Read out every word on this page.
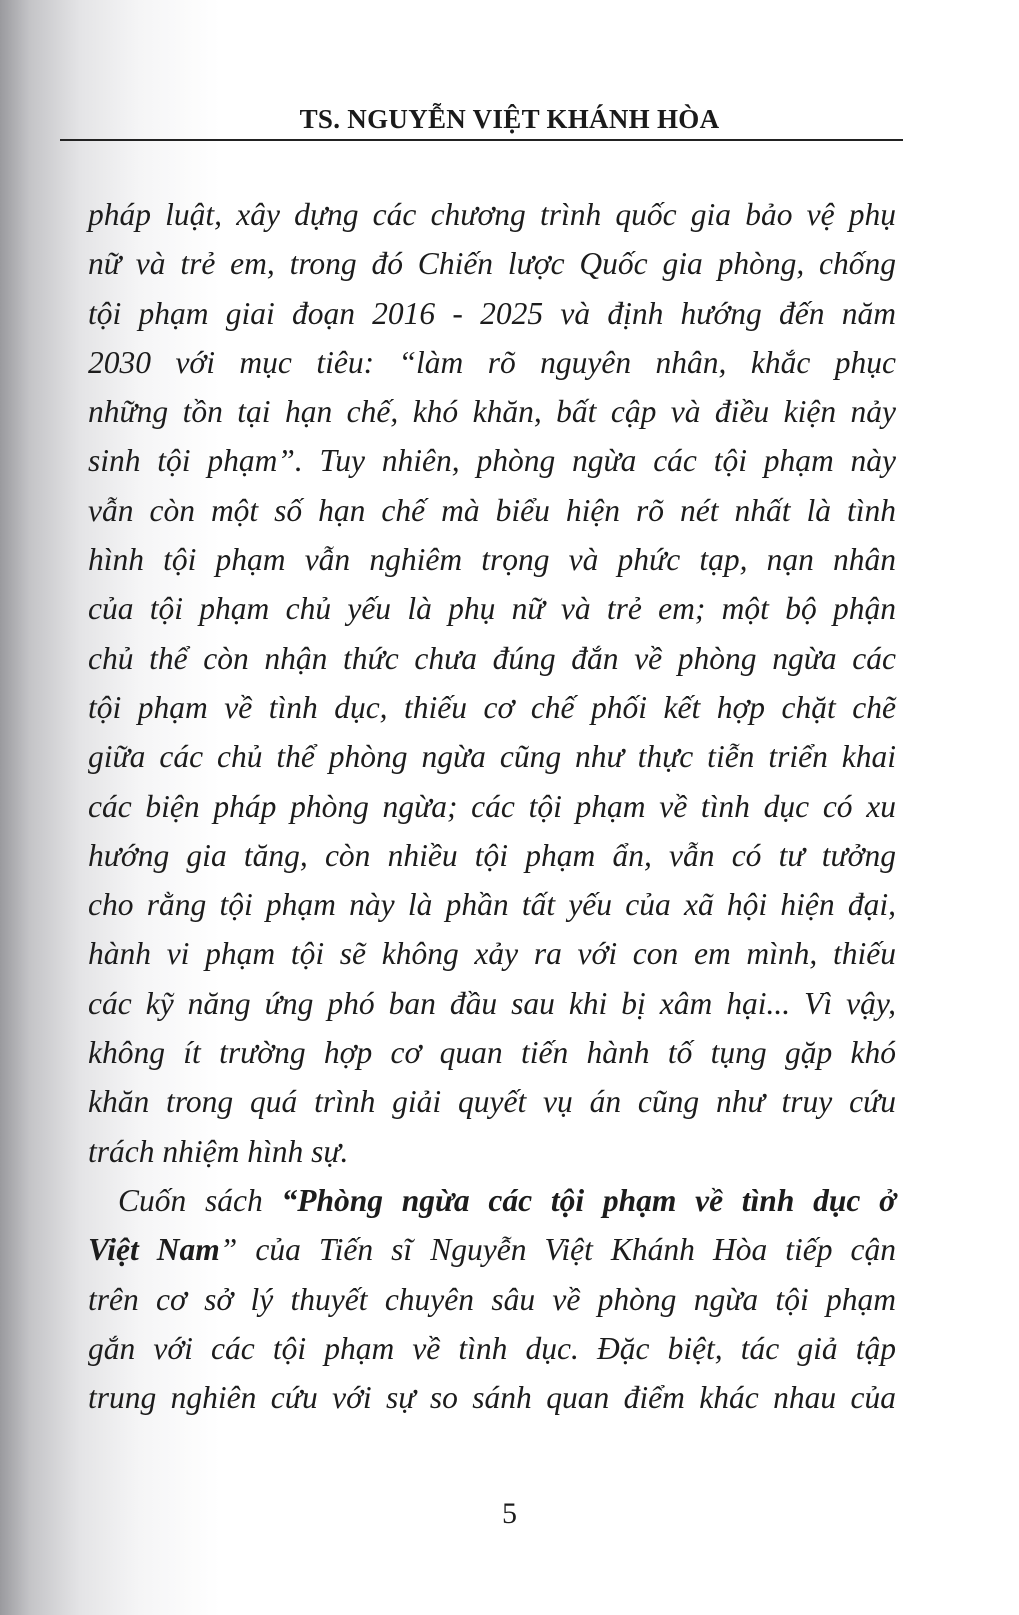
TS. NGUYỄN VIỆT KHÁNH HÒA
pháp luật, xây dựng các chương trình quốc gia bảo vệ phụ
nữ và trẻ em, trong đó Chiến lược Quốc gia phòng, chống
tội phạm giai đoạn 2016 - 2025 và định hướng đến năm
2030 với mục tiêu: “làm rõ nguyên nhân, khắc phục
những tồn tại hạn chế, khó khăn, bất cập và điều kiện nảy
sinh tội phạm”. Tuy nhiên, phòng ngừa các tội phạm này
vẫn còn một số hạn chế mà biểu hiện rõ nét nhất là tình
hình tội phạm vẫn nghiêm trọng và phức tạp, nạn nhân
của tội phạm chủ yếu là phụ nữ và trẻ em; một bộ phận
chủ thể còn nhận thức chưa đúng đắn về phòng ngừa các
tội phạm về tình dục, thiếu cơ chế phối kết hợp chặt chẽ
giữa các chủ thể phòng ngừa cũng như thực tiễn triển khai
các biện pháp phòng ngừa; các tội phạm về tình dục có xu
hướng gia tăng, còn nhiều tội phạm ẩn, vẫn có tư tưởng
cho rằng tội phạm này là phần tất yếu của xã hội hiện đại,
hành vi phạm tội sẽ không xảy ra với con em mình, thiếu
các kỹ năng ứng phó ban đầu sau khi bị xâm hại... Vì vậy,
không ít trường hợp cơ quan tiến hành tố tụng gặp khó
khăn trong quá trình giải quyết vụ án cũng như truy cứu
trách nhiệm hình sự.
Cuốn sách “Phòng ngừa các tội phạm về tình dục ở
Việt Nam” của Tiến sĩ Nguyễn Việt Khánh Hòa tiếp cận
trên cơ sở lý thuyết chuyên sâu về phòng ngừa tội phạm
gắn với các tội phạm về tình dục. Đặc biệt, tác giả tập
trung nghiên cứu với sự so sánh quan điểm khác nhau của
5
